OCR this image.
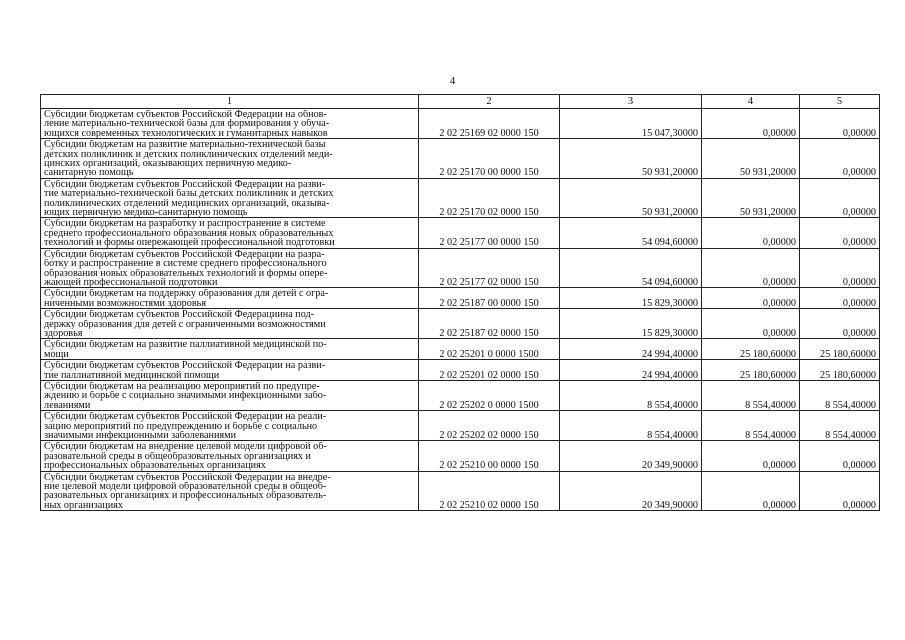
4
1	2	3	4	5

Субсидии бюджетам субъектов Российской Федерации на обнов-
ление материально-технической базы для формирования у обуча-
ющихся современных технологических и гуманитарных навыков	2 02 25169 02 0000 150	15 047,30000	0,00000	0,00000

Субсидии бюджетам на развитие материально-технической базы
детских поликлиник и детских поликлинических отделений меди-
цинских организаций, оказывающих первичную медико-
санитарную помощь	2 02 25170 00 0000 150	50 931,20000	50 931,20000	0,00000

Субсидии бюджетам субъектов Российской Федерации на разви-
тие материально-технической базы детских поликлиник и детских
поликлинических отделений медицинских организаций, оказыва-
ющих первичную медико-санитарную помощь	2 02 25170 02 0000 150	50 931,20000	50 931,20000	0,00000

Субсидии бюджетам на разработку и распространение в системе
среднего профессионального образования новых образовательных
технологий и формы опережающей профессиональной подготовки	2 02 25177 00 0000 150	54 094,60000	0,00000	0,00000

Субсидии бюджетам субъектов Российской Федерации на разра-
ботку и распространение в системе среднего профессионального
образования новых образовательных технологий и формы опере-
жающей профессиональной подготовки	2 02 25177 02 0000 150	54 094,60000	0,00000	0,00000

Субсидии бюджетам на поддержку образования для детей с огра-
ниченными возможностями здоровья	2 02 25187 00 0000 150	15 829,30000	0,00000	0,00000

Субсидии бюджетам субъектов Российской Федерациина под-
держку образования для детей с ограниченными возможностями
здоровья	2 02 25187 02 0000 150	15 829,30000	0,00000	0,00000

Субсидии бюджетам на развитие паллиативной медицинской по-
мощи	2 02 25201 0 0000 1500	24 994,40000	25 180,60000	25 180,60000

Субсидии бюджетам субъектов Российской Федерации на разви-
тие паллиативной медицинской помощи	2 02 25201 02 0000 150	24 994,40000	25 180,60000	25 180,60000

Субсидии бюджетам на реализацию мероприятий по предупре-
ждению и борьбе с социально значимыми инфекционными забо-
леваниями	2 02 25202 0 0000 1500	8 554,40000	8 554,40000	8 554,40000

Субсидии бюджетам субъектов Российской Федерации на реали-
зацию мероприятий по предупреждению и борьбе с социально
значимыми инфекционными заболеваниями	2 02 25202 02 0000 150	8 554,40000	8 554,40000	8 554,40000

Субсидии бюджетам на внедрение целевой модели цифровой об-
разовательной среды в общеобразовательных организациях и
профессиональных образовательных организациях	2 02 25210 00 0000 150	20 349,90000	0,00000	0,00000

Субсидии бюджетам субъектов Российской Федерации на внедре-
ние целевой модели цифровой образовательной среды в общеоб-
разовательных организациях и профессиональных образователь-
ных организациях	2 02 25210 02 0000 150	20 349,90000	0,00000	0,00000
